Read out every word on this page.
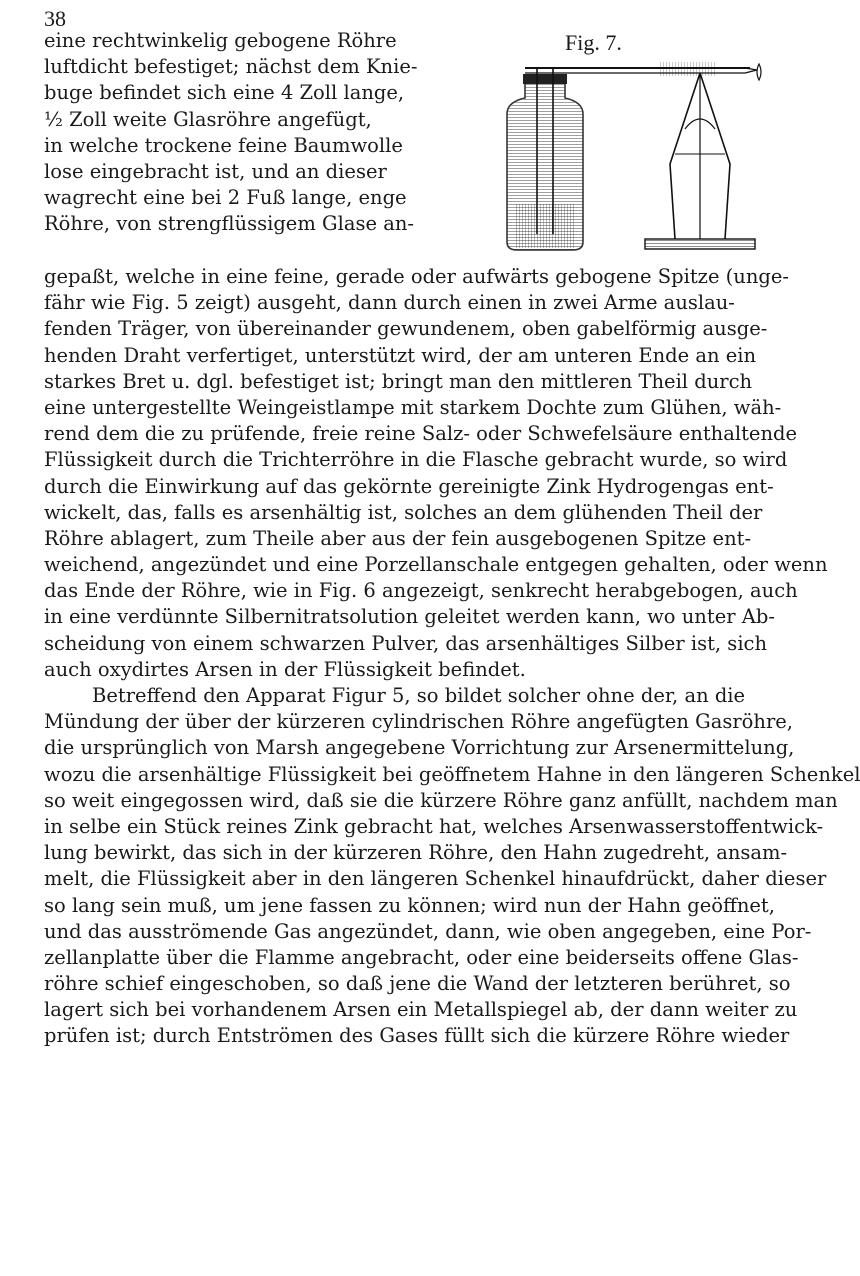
38
eine rechtwinkelig gebogene Röhre
luftdicht befestiget; nächst dem Knie-
buge befindet sich eine 4 Zoll lange,
½ Zoll weite Glasröhre angefügt,
in welche trockene feine Baumwolle
lose eingebracht ist, und an dieser
wagrecht eine bei 2 Fuß lange, enge
Röhre, von strengflüssigem Glase an-
Fig. 7.
gepaßt, welche in eine feine, gerade oder aufwärts gebogene Spitze (unge-
fähr wie Fig. 5 zeigt) ausgeht, dann durch einen in zwei Arme auslau-
fenden Träger, von übereinander gewundenem, oben gabelförmig ausge-
henden Draht verfertiget, unterstützt wird, der am unteren Ende an ein
starkes Bret u. dgl. befestiget ist; bringt man den mittleren Theil durch
eine untergestellte Weingeistlampe mit starkem Dochte zum Glühen, wäh-
rend dem die zu prüfende, freie reine Salz- oder Schwefelsäure enthaltende
Flüssigkeit durch die Trichterröhre in die Flasche gebracht wurde, so wird
durch die Einwirkung auf das gekörnte gereinigte Zink Hydrogengas ent-
wickelt, das, falls es arsenhältig ist, solches an dem glühenden Theil der
Röhre ablagert, zum Theile aber aus der fein ausgebogenen Spitze ent-
weichend, angezündet und eine Porzellanschale entgegen gehalten, oder wenn
das Ende der Röhre, wie in Fig. 6 angezeigt, senkrecht herabgebogen, auch
in eine verdünnte Silbernitratsolution geleitet werden kann, wo unter Ab-
scheidung von einem schwarzen Pulver, das arsenhältiges Silber ist, sich
auch oxydirtes Arsen in der Flüssigkeit befindet.
Betreffend den Apparat Figur 5, so bildet solcher ohne der, an die
Mündung der über der kürzeren cylindrischen Röhre angefügten Gasröhre,
die ursprünglich von Marsh angegebene Vorrichtung zur Arsenermittelung,
wozu die arsenhältige Flüssigkeit bei geöffnetem Hahne in den längeren Schenkel
so weit eingegossen wird, daß sie die kürzere Röhre ganz anfüllt, nachdem man
in selbe ein Stück reines Zink gebracht hat, welches Arsenwasserstoffentwick-
lung bewirkt, das sich in der kürzeren Röhre, den Hahn zugedreht, ansam-
melt, die Flüssigkeit aber in den längeren Schenkel hinaufdrückt, daher dieser
so lang sein muß, um jene fassen zu können; wird nun der Hahn geöffnet,
und das ausströmende Gas angezündet, dann, wie oben angegeben, eine Por-
zellanplatte über die Flamme angebracht, oder eine beiderseits offene Glas-
röhre schief eingeschoben, so daß jene die Wand der letzteren berühret, so
lagert sich bei vorhandenem Arsen ein Metallspiegel ab, der dann weiter zu
prüfen ist; durch Entströmen des Gases füllt sich die kürzere Röhre wieder
